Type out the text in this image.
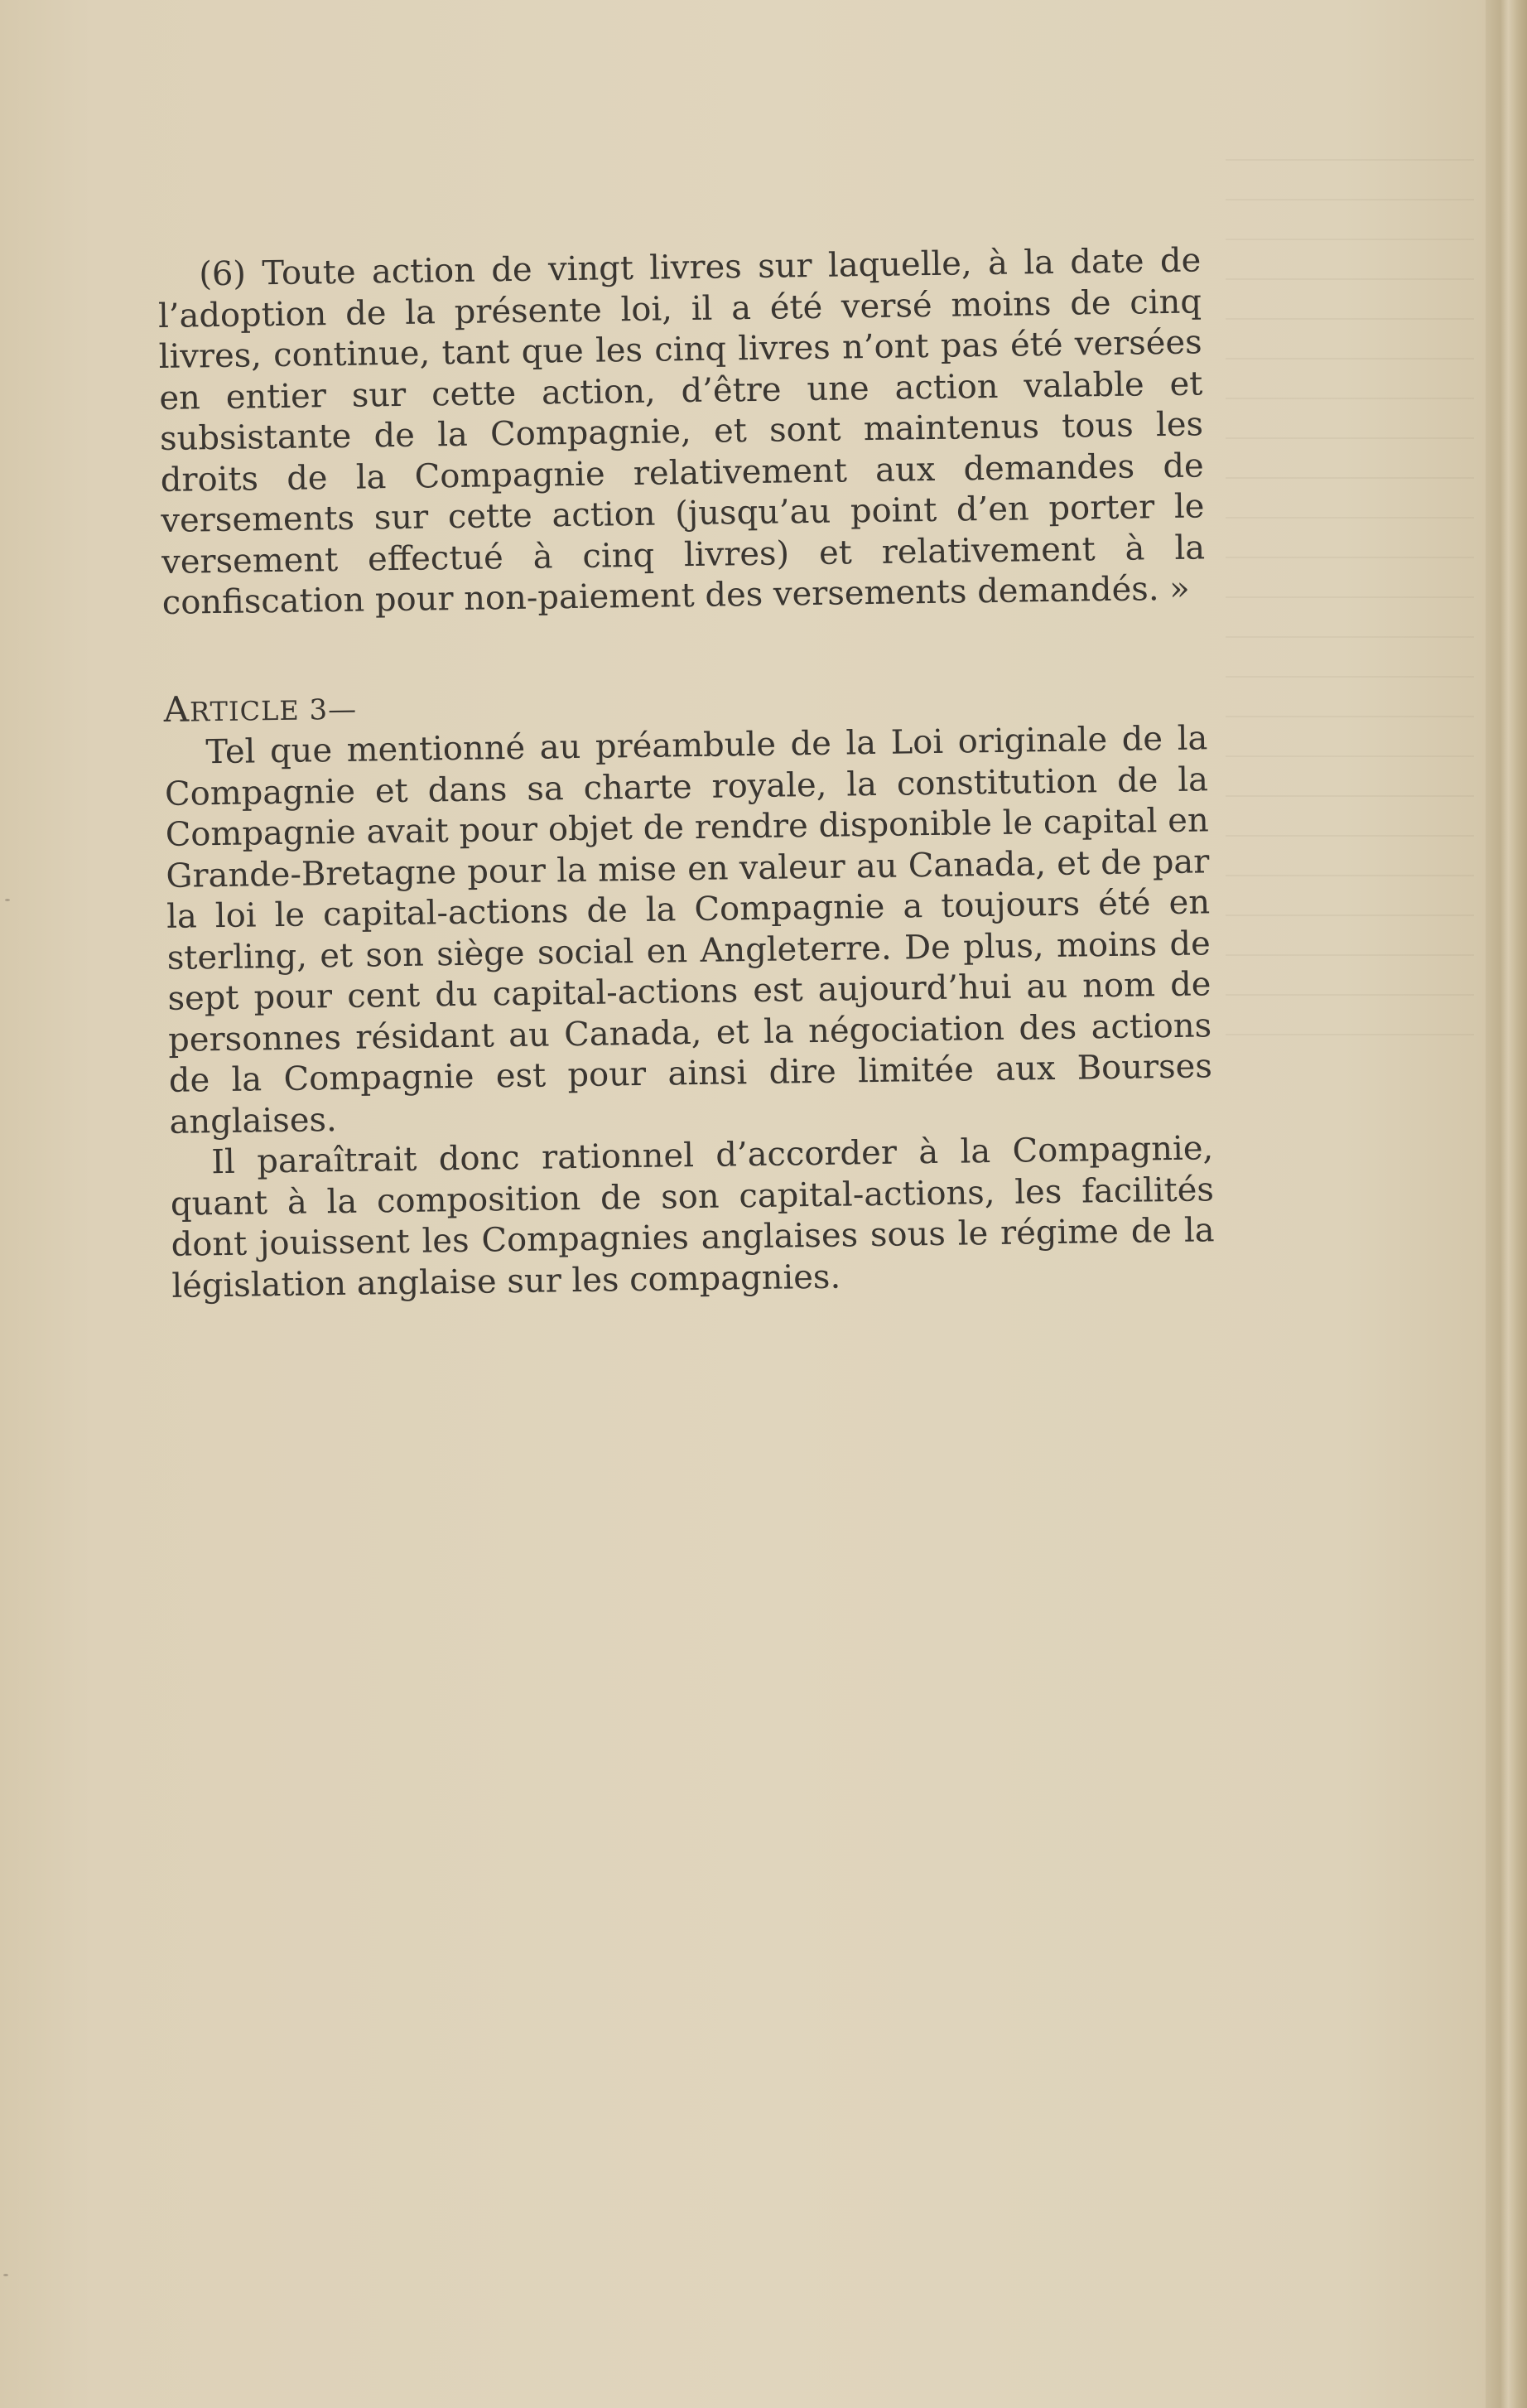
(6) Toute action de vingt livres sur laquelle, à la date de l’adoption de la présente loi, il a été versé moins de cinq livres, continue, tant que les cinq livres n’ont pas été versées en entier sur cette action, d’être une action valable et subsistante de la Compagnie, et sont maintenus tous les droits de la Compagnie relativement aux demandes de versements sur cette action (jusqu’au point d’en porter le versement effectué à cinq livres) et relativement à la confiscation pour non-paiement des versements demandés. »

ARTICLE 3—

Tel que mentionné au préambule de la Loi originale de la Compagnie et dans sa charte royale, la constitution de la Compagnie avait pour objet de rendre disponible le capital en Grande-Bretagne pour la mise en valeur au Canada, et de par la loi le capital-actions de la Compagnie a toujours été en sterling, et son siège social en Angleterre. De plus, moins de sept pour cent du capital-actions est aujourd’hui au nom de personnes résidant au Canada, et la négociation des actions de la Compagnie est pour ainsi dire limitée aux Bourses anglaises.

Il paraîtrait donc rationnel d’accorder à la Compagnie, quant à la composition de son capital-actions, les facilités dont jouissent les Compagnies anglaises sous le régime de la législation anglaise sur les compagnies.
